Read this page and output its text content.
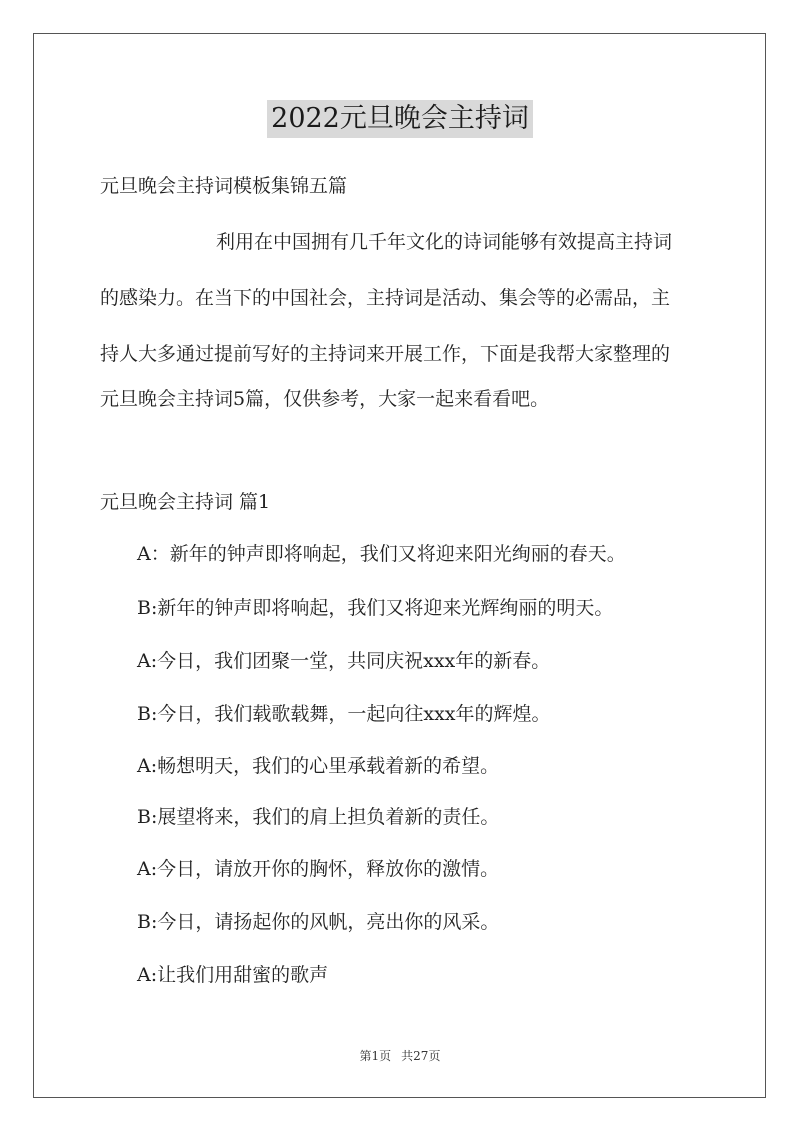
2022元旦晚会主持词
元旦晚会主持词模板集锦五篇
利用在中国拥有几千年文化的诗词能够有效提高主持词
的感染力。在当下的中国社会，主持词是活动、集会等的必需品，主
持人大多通过提前写好的主持词来开展工作，下面是我帮大家整理的
元旦晚会主持词5篇，仅供参考，大家一起来看看吧。
元旦晚会主持词 篇1
A：新年的钟声即将响起，我们又将迎来阳光绚丽的春天。
B:新年的钟声即将响起，我们又将迎来光辉绚丽的明天。
A:今日，我们团聚一堂，共同庆祝xxx年的新春。
B:今日，我们载歌载舞，一起向往xxx年的辉煌。
A:畅想明天，我们的心里承载着新的希望。
B:展望将来，我们的肩上担负着新的责任。
A:今日，请放开你的胸怀，释放你的激情。
B:今日，请扬起你的风帆，亮出你的风采。
A:让我们用甜蜜的歌声
第1页 共27页
